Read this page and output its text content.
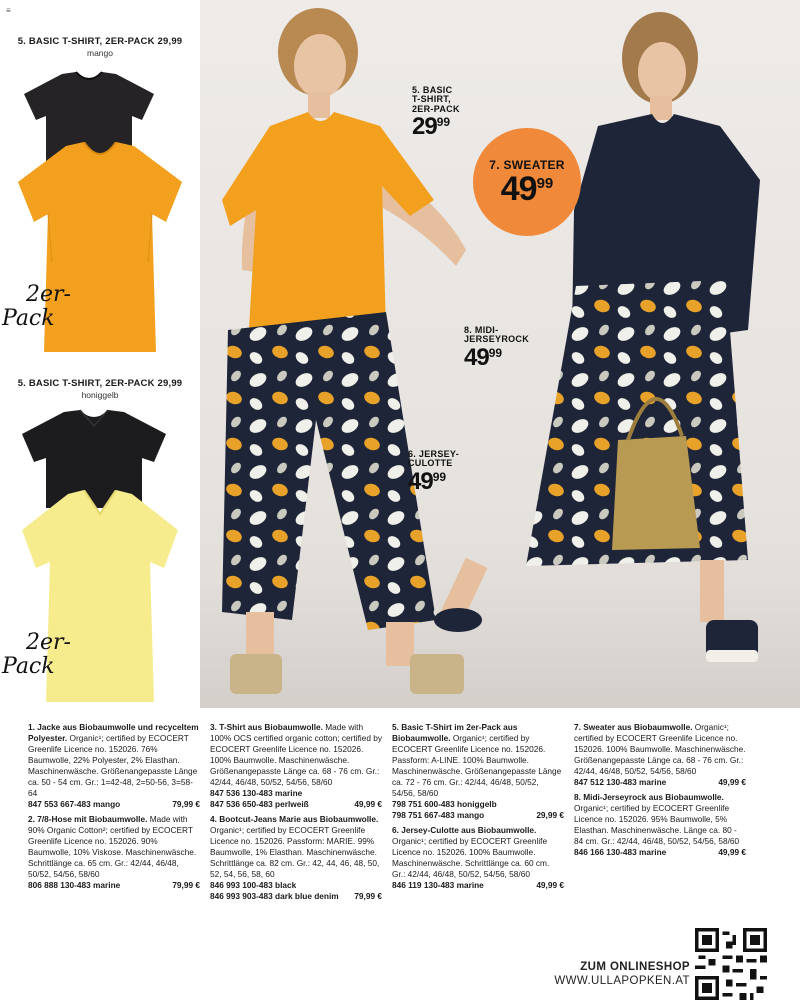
≡
5. BASIC T-SHIRT, 2ER-PACK 29,99
mango
2er-
Pack
5. BASIC T-SHIRT, 2ER-PACK 29,99
honiggelb
2er-
Pack
5. BASIC
T-SHIRT,
2ER-PACK
$29^{99}$
7. SWEATER
4999
8. MIDI-
JERSEYROCK
$49^{99}$
6. JERSEY-
CULOTTE
$49^{99}$
1. Jacke aus Biobaumwolle und recyceltem Polyester. Organic¹; certified by ECOCERT Greenlife Licence no. 152026. 76% Baumwolle, 22% Polyester, 2% Elasthan. Maschinenwäsche. Größenangepasste Länge ca. 50 - 54 cm. Gr.: 1=42-48, 2=50-56, 3=58-64
847 553 667-483 mango	79,99 €
2. 7/8-Hose mit Biobaumwolle. Made with 90% Organic Cotton²; certified by ECOCERT Greenlife Licence no. 152026. 90% Baumwolle, 10% Viskose. Maschinenwäsche. Schrittlänge ca. 65 cm. Gr.: 42/44, 46/48, 50/52, 54/56, 58/60
806 888 130-483 marine	79,99 €
3. T-Shirt aus Biobaumwolle. Made with 100% OCS certified organic cotton; certified by ECOCERT Greenlife Licence no. 152026. 100% Baumwolle. Maschinenwäsche. Größenangepasste Länge ca. 68 - 76 cm. Gr.: 42/44, 46/48, 50/52, 54/56, 58/60
847 536 130-483 marine
847 536 650-483 perlweiß	49,99 €
4. Bootcut-Jeans Marie aus Biobaumwolle. Organic¹; certified by ECOCERT Greenlife Licence no. 152026. Passform: MARIE. 99% Baumwolle, 1% Elasthan. Maschinenwäsche. Schrittlänge ca. 82 cm. Gr.: 42, 44, 46, 48, 50, 52, 54, 56, 58, 60
846 993 100-483 black
846 993 903-483 dark blue denim 79,99 €
5. Basic T-Shirt im 2er-Pack aus Biobaumwolle. Organic¹; certified by ECOCERT Greenlife Licence no. 152026. Passform: A-LINE. 100% Baumwolle. Maschinenwäsche. Größenangepasste Länge ca. 72 - 76 cm. Gr.: 42/44, 46/48, 50/52, 54/56, 58/60
798 751 600-483 honiggelb
798 751 667-483 mango	29,99 €
6. Jersey-Culotte aus Biobaumwolle. Organic¹; certified by ECOCERT Greenlife Licence no. 152026. 100% Baumwolle. Maschinenwäsche. Schrittlänge ca. 60 cm. Gr.: 42/44, 46/48, 50/52, 54/56, 58/60
846 119 130-483 marine	49,99 €
7. Sweater aus Biobaumwolle. Organic¹; certified by ECOCERT Greenlife Licence no. 152026. 100% Baumwolle. Maschinenwäsche. Größenangepasste Länge ca. 68 - 76 cm. Gr.: 42/44, 46/48, 50/52, 54/56, 58/60
847 512 130-483 marine	49,99 €
8. Midi-Jerseyrock aus Biobaumwolle. Organic¹; certified by ECOCERT Greenlife Licence no. 152026. 95% Baumwolle, 5% Elasthan. Maschinenwäsche. Länge ca. 80 - 84 cm. Gr.: 42/44, 46/48, 50/52, 54/56, 58/60
846 166 130-483 marine	49,99 €
ZUM ONLINESHOP
WWW.ULLAPOPKEN.AT
